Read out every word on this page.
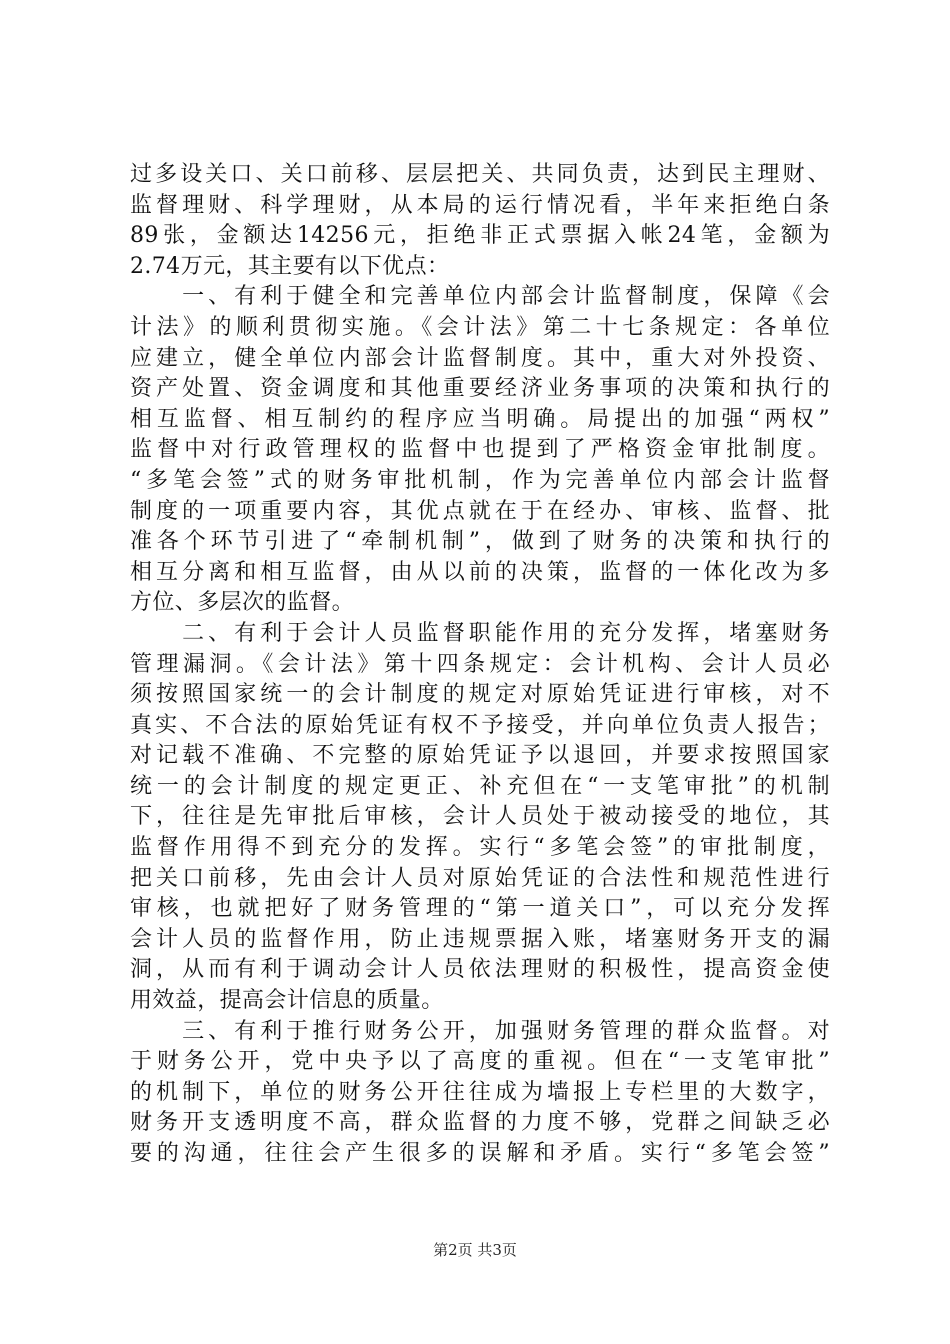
过多设关口、关口前移、层层把关、共同负责，达到民主理财、
监督理财、科学理财，从本局的运行情况看，半年来拒绝白条
89张，金额达14256元，拒绝非正式票据入帐24笔，金额为
2.74万元，其主要有以下优点：
　　一、有利于健全和完善单位内部会计监督制度，保障《会
计法》的顺利贯彻实施。《会计法》第二十七条规定：各单位
应建立，健全单位内部会计监督制度。其中，重大对外投资、
资产处置、资金调度和其他重要经济业务事项的决策和执行的
相互监督、相互制约的程序应当明确。局提出的加强“两权”
监督中对行政管理权的监督中也提到了严格资金审批制度。
“多笔会签”式的财务审批机制，作为完善单位内部会计监督
制度的一项重要内容，其优点就在于在经办、审核、监督、批
准各个环节引进了“牵制机制”，做到了财务的决策和执行的
相互分离和相互监督，由从以前的决策，监督的一体化改为多
方位、多层次的监督。
　　二、有利于会计人员监督职能作用的充分发挥，堵塞财务
管理漏洞。《会计法》第十四条规定：会计机构、会计人员必
须按照国家统一的会计制度的规定对原始凭证进行审核，对不
真实、不合法的原始凭证有权不予接受，并向单位负责人报告；
对记载不准确、不完整的原始凭证予以退回，并要求按照国家
统一的会计制度的规定更正、补充但在“一支笔审批”的机制
下，往往是先审批后审核，会计人员处于被动接受的地位，其
监督作用得不到充分的发挥。实行“多笔会签”的审批制度，
把关口前移，先由会计人员对原始凭证的合法性和规范性进行
审核，也就把好了财务管理的“第一道关口”，可以充分发挥
会计人员的监督作用，防止违规票据入账，堵塞财务开支的漏
洞，从而有利于调动会计人员依法理财的积极性，提高资金使
用效益，提高会计信息的质量。
　　三、有利于推行财务公开，加强财务管理的群众监督。对
于财务公开，党中央予以了高度的重视。但在“一支笔审批”
的机制下，单位的财务公开往往成为墙报上专栏里的大数字，
财务开支透明度不高，群众监督的力度不够，党群之间缺乏必
要的沟通，往往会产生很多的误解和矛盾。实行“多笔会签”
第2页 共3页
